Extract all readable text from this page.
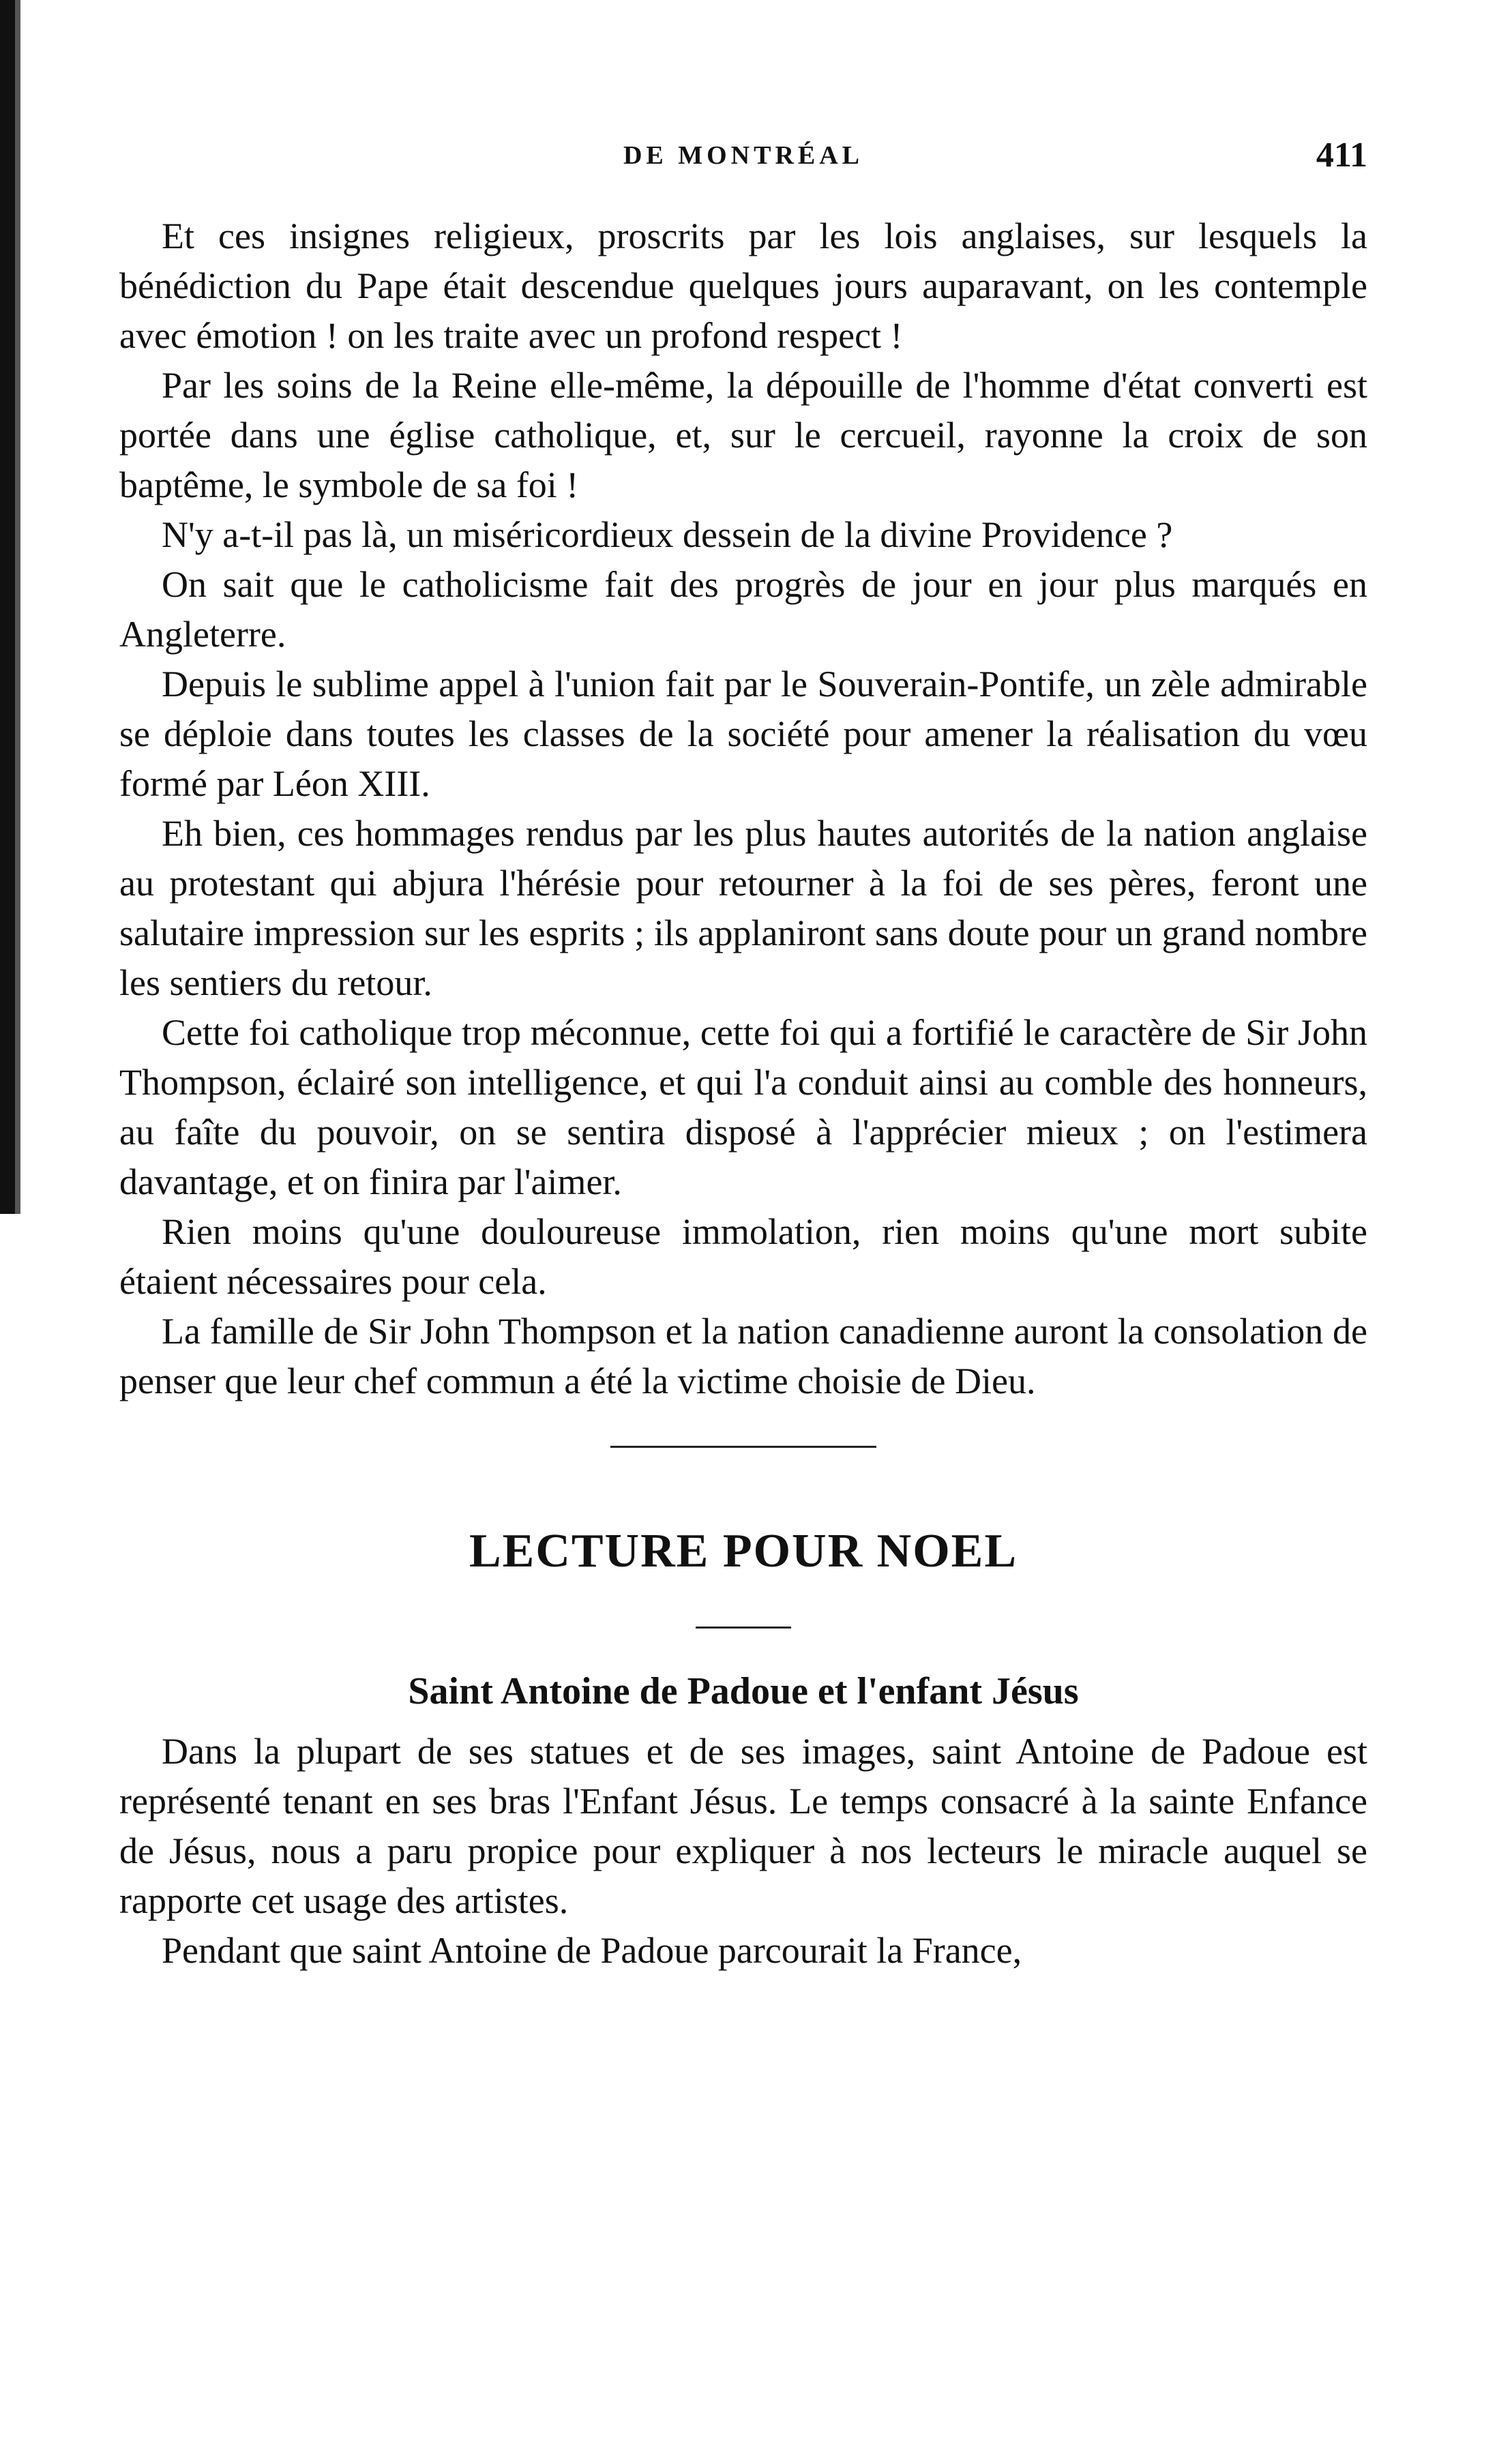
DE MONTRÉAL	411

Et ces insignes religieux, proscrits par les lois anglaises, sur lesquels la bénédiction du Pape était descendue quelques jours auparavant, on les contemple avec émotion ! on les traite avec un profond respect !

Par les soins de la Reine elle-même, la dépouille de l'homme d'état converti est portée dans une église catholique, et, sur le cercueil, rayonne la croix de son baptême, le symbole de sa foi !

N'y a-t-il pas là, un miséricordieux dessein de la divine Providence ?

On sait que le catholicisme fait des progrès de jour en jour plus marqués en Angleterre.

Depuis le sublime appel à l'union fait par le Souverain-Pontife, un zèle admirable se déploie dans toutes les classes de la société pour amener la réalisation du vœu formé par Léon XIII.

Eh bien, ces hommages rendus par les plus hautes autorités de la nation anglaise au protestant qui abjura l'hérésie pour retourner à la foi de ses pères, feront une salutaire impression sur les esprits ; ils applaniront sans doute pour un grand nombre les sentiers du retour.

Cette foi catholique trop méconnue, cette foi qui a fortifié le caractère de Sir John Thompson, éclairé son intelligence, et qui l'a conduit ainsi au comble des honneurs, au faîte du pouvoir, on se sentira disposé à l'apprécier mieux ; on l'estimera davantage, et on finira par l'aimer.

Rien moins qu'une douloureuse immolation, rien moins qu'une mort subite étaient nécessaires pour cela.

La famille de Sir John Thompson et la nation canadienne auront la consolation de penser que leur chef commun a été la victime choisie de Dieu.

LECTURE POUR NOEL
Saint Antoine de Padoue et l'enfant Jésus

Dans la plupart de ses statues et de ses images, saint Antoine de Padoue est représenté tenant en ses bras l'Enfant Jésus. Le temps consacré à la sainte Enfance de Jésus, nous a paru propice pour expliquer à nos lecteurs le miracle auquel se rapporte cet usage des artistes.

Pendant que saint Antoine de Padoue parcourait la France,
